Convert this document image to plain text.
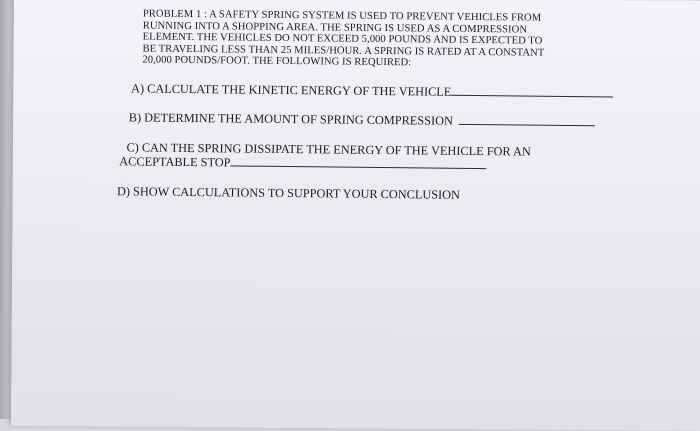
PROBLEM 1 : A SAFETY SPRING SYSTEM IS USED TO PREVENT VEHICLES FROM
RUNNING INTO A SHOPPING AREA. THE SPRING IS USED AS A COMPRESSION
ELEMENT. THE VEHICLES DO NOT EXCEED 5,000 POUNDS AND IS EXPECTED TO
BE TRAVELING LESS THAN 25 MILES/HOUR. A SPRING IS RATED AT A CONSTANT
20,000 POUNDS/FOOT. THE FOLLOWING IS REQUIRED:
A) CALCULATE THE KINETIC ENERGY OF THE VEHICLE
B) DETERMINE THE AMOUNT OF SPRING COMPRESSION
C) CAN THE SPRING DISSIPATE THE ENERGY OF THE VEHICLE FOR AN
ACCEPTABLE STOP
D) SHOW CALCULATIONS TO SUPPORT YOUR CONCLUSION
